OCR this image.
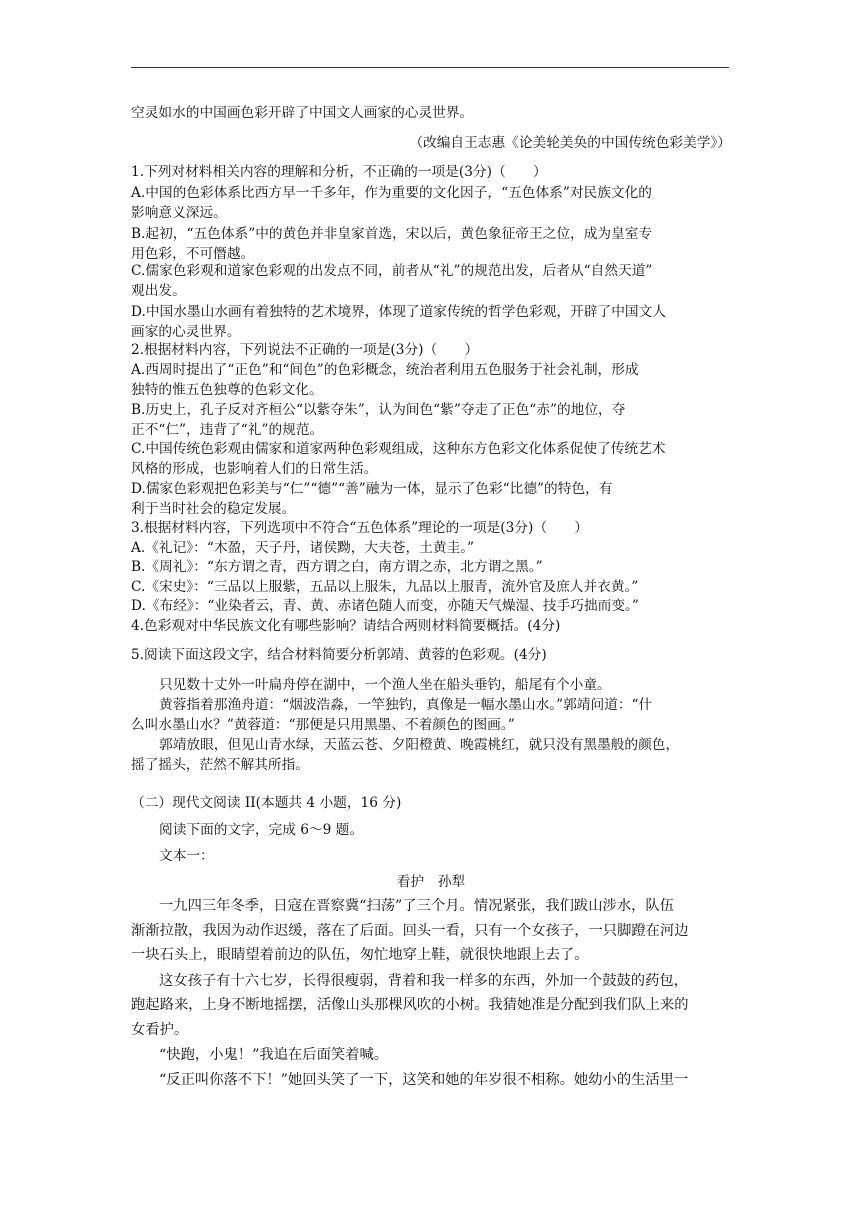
空灵如水的中国画色彩开辟了中国文人画家的心灵世界。
（改编自王志惠《论美轮美奂的中国传统色彩美学》）
1.下列对材料相关内容的理解和分析，不正确的一项是(3分)（　　）
A.中国的色彩体系比西方早一千多年，作为重要的文化因子，“五色体系”对民族文化的
影响意义深远。
B.起初，“五色体系”中的黄色并非皇家首选，宋以后，黄色象征帝王之位，成为皇室专
用色彩，不可僭越。
C.儒家色彩观和道家色彩观的出发点不同，前者从“礼”的规范出发，后者从“自然天道”
观出发。
D.中国水墨山水画有着独特的艺术境界，体现了道家传统的哲学色彩观，开辟了中国文人
画家的心灵世界。
2.根据材料内容，下列说法不正确的一项是(3分)（　　）
A.西周时提出了“正色”和“间色”的色彩概念，统治者利用五色服务于社会礼制，形成
独特的惟五色独尊的色彩文化。
B.历史上，孔子反对齐桓公“以紫夺朱”，认为间色“紫”夺走了正色“赤”的地位，夺
正不“仁”，违背了“礼”的规范。
C.中国传统色彩观由儒家和道家两种色彩观组成，这种东方色彩文化体系促使了传统艺术
风格的形成，也影响着人们的日常生活。
D.儒家色彩观把色彩美与“仁”“德”“善”融为一体，显示了色彩“比德”的特色，有
利于当时社会的稳定发展。
3.根据材料内容，下列选项中不符合“五色体系”理论的一项是(3分)（　　）
A.《礼记》：“木盈，天子丹，诸侯黝，大夫苍，土黄圭。”
B.《周礼》：“东方谓之青，西方谓之白，南方谓之赤，北方谓之黑。”
C.《宋史》：“三品以上服紫，五品以上服朱，九品以上服青，流外官及庶人并衣黄。”
D.《布经》：“业染者云，青、黄、赤诸色随人而变，亦随天气燥湿、技手巧拙而变。”
4.色彩观对中华民族文化有哪些影响？请结合两则材料简要概括。(4分)
5.阅读下面这段文字，结合材料简要分析郭靖、黄蓉的色彩观。(4分)
只见数十丈外一叶扁舟停在湖中，一个渔人坐在船头垂钓，船尾有个小童。
黄蓉指着那渔舟道：“烟波浩淼，一竿独钓，真像是一幅水墨山水。”郭靖问道：“什
么叫水墨山水？”黄蓉道：“那便是只用黑墨、不着颜色的图画。”
郭靖放眼，但见山青水绿，天蓝云苍、夕阳橙黄、晚霞桃红，就只没有黑墨般的颜色，
摇了摇头，茫然不解其所指。
（二）现代文阅读 II(本题共 4 小题，16 分)
阅读下面的文字，完成 6～9 题。
文本一：
看护　孙犁
一九四三年冬季，日寇在晋察冀“扫荡”了三个月。情况紧张，我们跋山涉水，队伍
渐渐拉散，我因为动作迟缓，落在了后面。回头一看，只有一个女孩子，一只脚蹬在河边
一块石头上，眼睛望着前边的队伍，匆忙地穿上鞋，就很快地跟上去了。
这女孩子有十六七岁，长得很瘦弱，背着和我一样多的东西，外加一个鼓鼓的药包，
跑起路来，上身不断地摇摆，活像山头那棵风吹的小树。我猜她准是分配到我们队上来的
女看护。
“快跑，小鬼！”我追在后面笑着喊。
“反正叫你落不下！”她回头笑了一下，这笑和她的年岁很不相称。她幼小的生活里一
